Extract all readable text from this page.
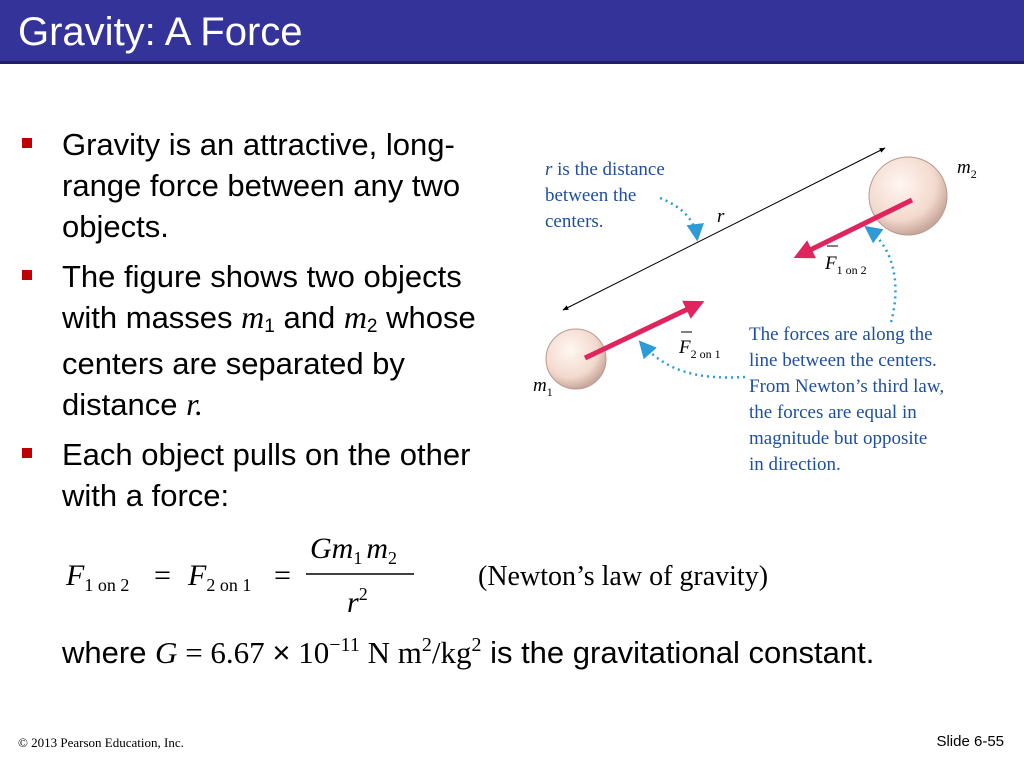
Gravity: A Force
Gravity is an attractive, long-range force between any two objects.
The figure shows two objects with masses m1 and m2 whose centers are separated by distance r.
Each object pulls on the other with a force:
r is the distance
between the
centers.	r
$m_1$
$m_2$
$F_{1 on 2}$
$F_{2 on 1}$
The forces are along the
line between the centers.
From Newton’s third law,
the forces are equal in
magnitude but opposite
in direction.
$F_{1 on 2} = F_{2 on 1}$ =
$Gm_1$ $m_2$
$r^2$
(Newton’s law of gravity)
where $G = 6.67 \times 10^{-11}$ N $m^2/kg^2$ is the gravitational constant.
© 2013 Pearson Education, Inc.	Slide 6-55
